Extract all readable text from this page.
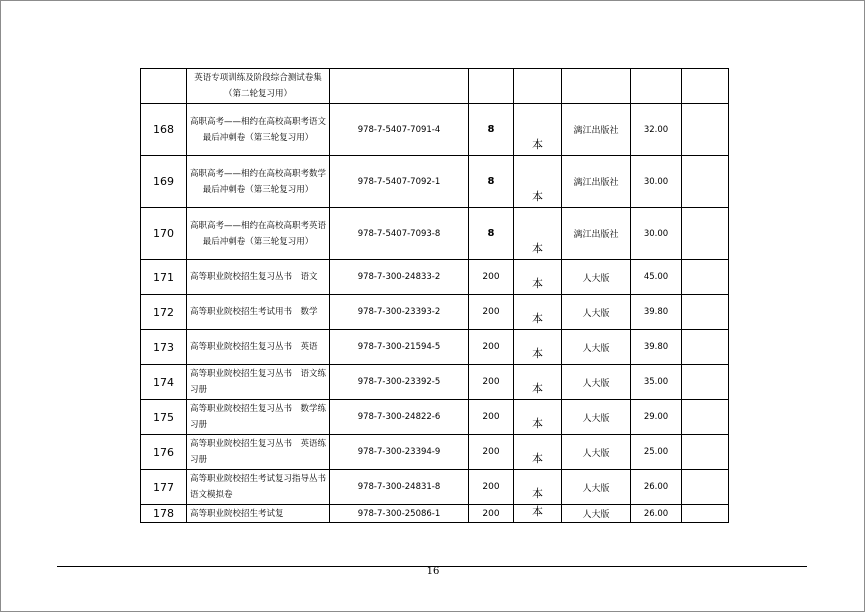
	英语专项训练及阶段综合测试卷集（第二轮复习用）						
168	高职高考——相约在高校高职考语文最后冲刺卷（第三轮复习用）	978-7-5407-7091-4	8	本	漓江出版社	32.00	
169	高职高考——相约在高校高职考数学最后冲刺卷（第三轮复习用）	978-7-5407-7092-1	8	本	漓江出版社	30.00	
170	高职高考——相约在高校高职考英语最后冲刺卷（第三轮复习用）	978-7-5407-7093-8	8	本	漓江出版社	30.00	
171	高等职业院校招生复习丛书　语文	978-7-300-24833-2	200	本	人大版	45.00	
172	高等职业院校招生考试用书　数学	978-7-300-23393-2	200	本	人大版	39.80	
173	高等职业院校招生复习丛书　英语	978-7-300-21594-5	200	本	人大版	39.80	
174	高等职业院校招生复习丛书　语文练习册	978-7-300-23392-5	200	本	人大版	35.00	
175	高等职业院校招生复习丛书　数学练习册	978-7-300-24822-6	200	本	人大版	29.00	
176	高等职业院校招生复习丛书　英语练习册	978-7-300-23394-9	200	本	人大版	25.00	
177	高等职业院校招生考试复习指导丛书　语文模拟卷	978-7-300-24831-8	200	本	人大版	26.00	
178	高等职业院校招生考试复	978-7-300-25086-1	200	本	人大版	26.00	
16
